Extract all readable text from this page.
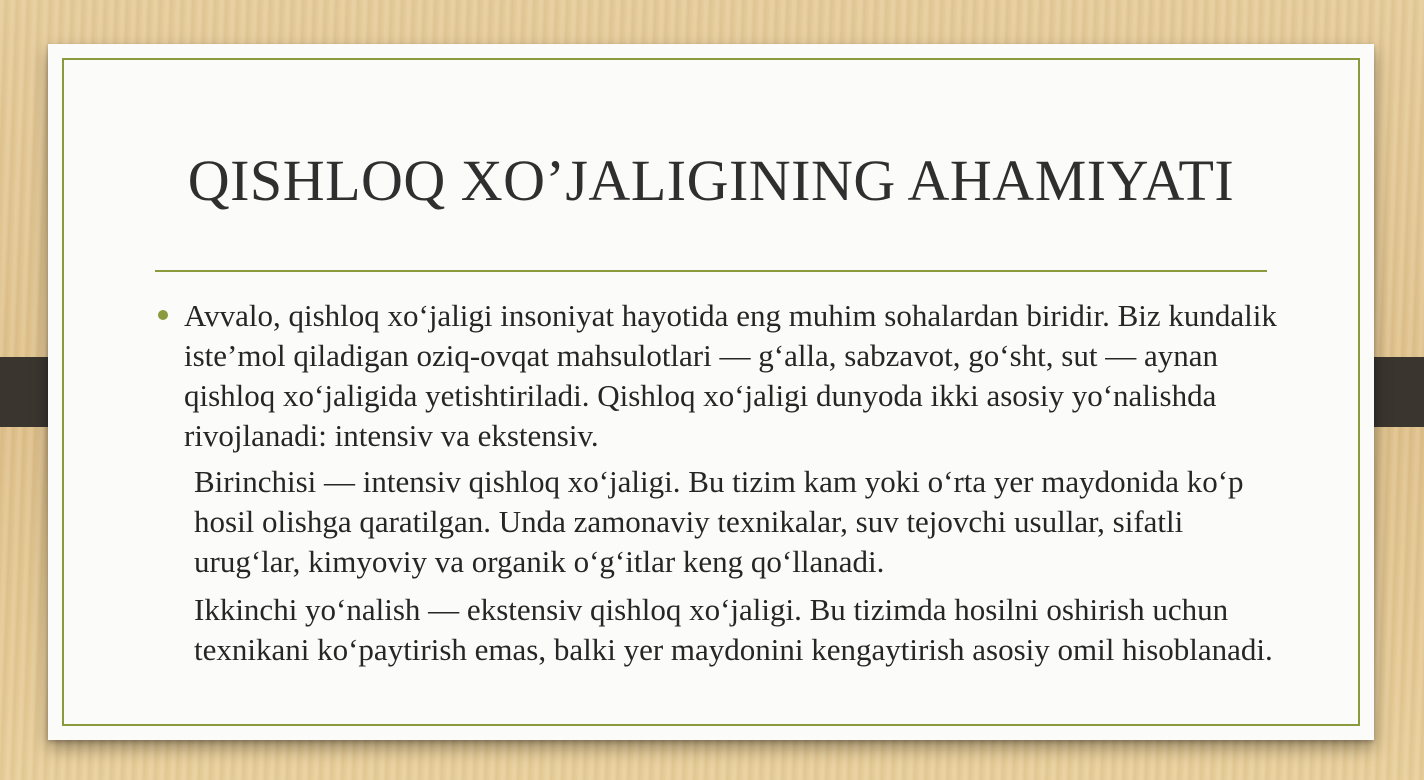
QISHLOQ XO’JALIGINING AHAMIYATI

Avvalo, qishloq xo‘jaligi insoniyat hayotida eng muhim sohalardan biridir. Biz kundalik iste’mol qiladigan oziq-ovqat mahsulotlari — g‘alla, sabzavot, go‘sht, sut — aynan qishloq xo‘jaligida yetishtiriladi. Qishloq xo‘jaligi dunyoda ikki asosiy yo‘nalishda rivojlanadi: intensiv va ekstensiv.

Birinchisi — intensiv qishloq xo‘jaligi. Bu tizim kam yoki o‘rta yer maydonida ko‘p hosil olishga qaratilgan. Unda zamonaviy texnikalar, suv tejovchi usullar, sifatli urug‘lar, kimyoviy va organik o‘g‘itlar keng qo‘llanadi.

Ikkinchi yo‘nalish — ekstensiv qishloq xo‘jaligi. Bu tizimda hosilni oshirish uchun texnikani ko‘paytirish emas, balki yer maydonini kengaytirish asosiy omil hisoblanadi.
